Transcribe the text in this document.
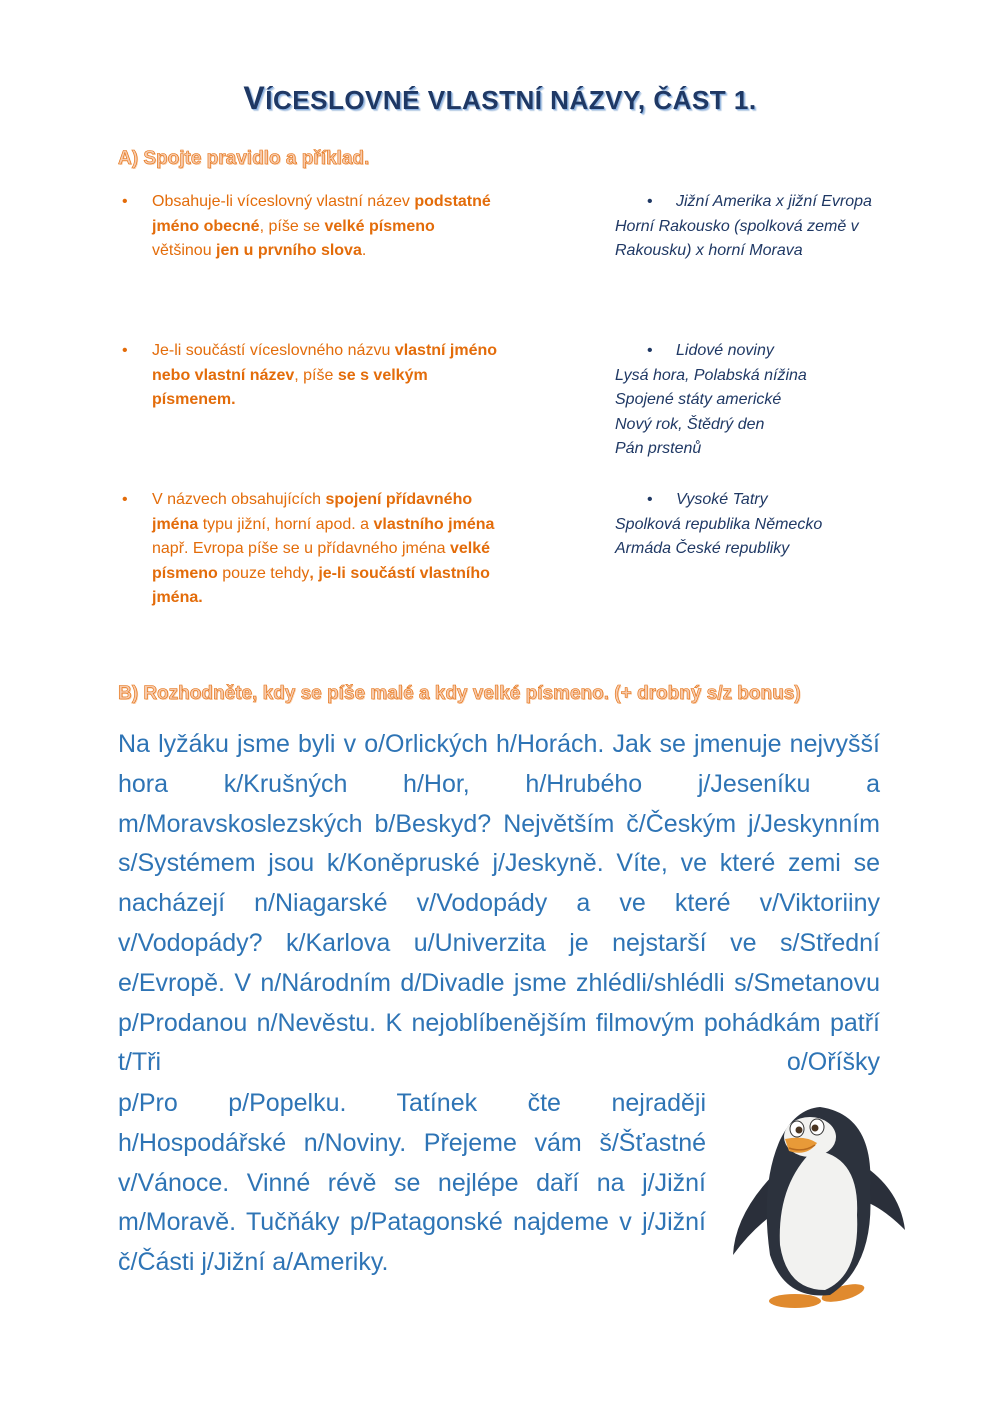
VÍCESLOVNÉ VLASTNÍ NÁZVY, ČÁST 1.
A) Spojte pravidlo a příklad.
• Obsahuje-li víceslovný vlastní název podstatné jméno obecné, píše se velké písmeno většinou jen u prvního slova.
• Je-li součástí víceslovného názvu vlastní jméno nebo vlastní název, píše se s velkým písmenem.
• V názvech obsahujících spojení přídavného jména typu jižní, horní apod. a vlastního jména např. Evropa píše se u přídavného jména velké písmeno pouze tehdy, je-li součástí vlastního jména.
• Jižní Amerika x jižní Evropa
Horní Rakousko (spolková země v Rakousku) x horní Morava
• Lidové noviny
Lysá hora, Polabská nížina
Spojené státy americké
Nový rok, Štědrý den
Pán prstenů
• Vysoké Tatry
Spolková republika Německo
Armáda České republiky
B) Rozhodněte, kdy se píše malé a kdy velké písmeno. (+ drobný s/z bonus)
Na lyžáku jsme byli v o/Orlických h/Horách. Jak se jmenuje nejvyšší hora k/Krušných h/Hor, h/Hrubého j/Jeseníku a m/Moravskoslezských b/Beskyd? Největším č/Českým j/Jeskynním s/Systémem jsou k/Koněpruské j/Jeskyně. Víte, ve které zemi se nacházejí n/Niagarské v/Vodopády a ve které v/Viktoriiny v/Vodopády? k/Karlova u/Univerzita je nejstarší ve s/Střední e/Evropě. V n/Národním d/Divadle jsme zhlédli/shlédli s/Smetanovu p/Prodanou n/Nevěstu. K nejoblíbenějším filmovým pohádkám patří t/Tři o/Oříšky
p/Pro p/Popelku. Tatínek čte nejraději h/Hospodářské n/Noviny. Přejeme vám š/Šťastné v/Vánoce. Vinné révě se nejlépe daří na j/Jižní m/Moravě. Tučňáky p/Patagonské najdeme v j/Jižní č/Části j/Jižní a/Ameriky.
